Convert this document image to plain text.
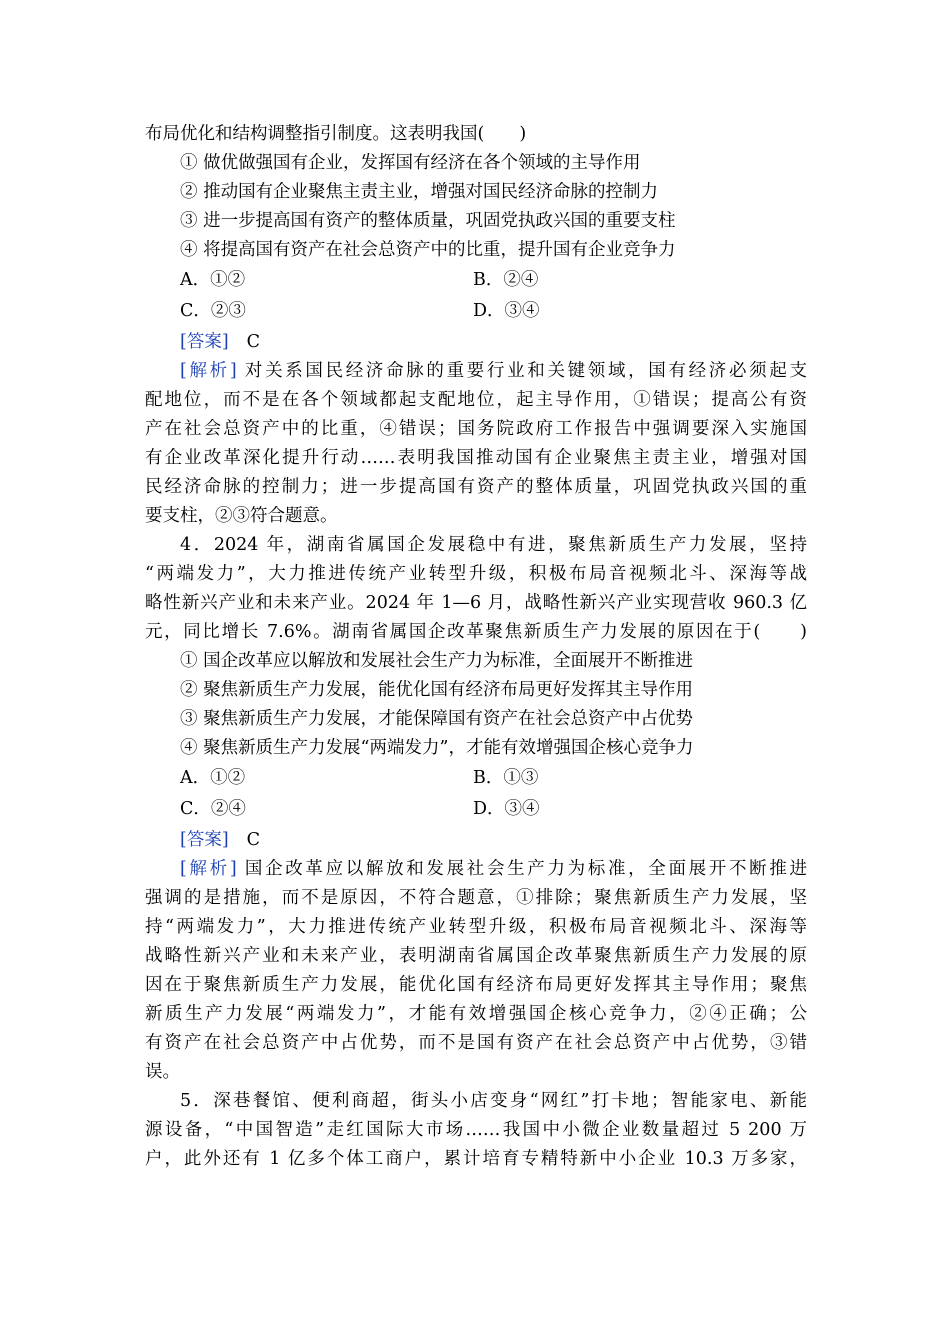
布局优化和结构调整指引制度。这表明我国(　　)
① 做优做强国有企业，发挥国有经济在各个领域的主导作用
② 推动国有企业聚焦主责主业，增强对国民经济命脉的控制力
③ 进一步提高国有资产的整体质量，巩固党执政兴国的重要支柱
④ 将提高国有资产在社会总资产中的比重，提升国有企业竞争力
A．①②	B．②④
C．②③	D．③④
[答案] C
[解析] 对关系国民经济命脉的重要行业和关键领域，国有经济必须起支
配地位，而不是在各个领域都起支配地位，起主导作用，①错误；提高公有资
产在社会总资产中的比重，④错误；国务院政府工作报告中强调要深入实施国
有企业改革深化提升行动……表明我国推动国有企业聚焦主责主业，增强对国
民经济命脉的控制力；进一步提高国有资产的整体质量，巩固党执政兴国的重
要支柱，②③符合题意。
4．2024 年，湖南省属国企发展稳中有进，聚焦新质生产力发展，坚持
“两端发力”，大力推进传统产业转型升级，积极布局音视频北斗、深海等战
略性新兴产业和未来产业。2024 年 1—6 月，战略性新兴产业实现营收 960.3 亿
元，同比增长 7.6%。湖南省属国企改革聚焦新质生产力发展的原因在于(　　)
① 国企改革应以解放和发展社会生产力为标准，全面展开不断推进
② 聚焦新质生产力发展，能优化国有经济布局更好发挥其主导作用
③ 聚焦新质生产力发展，才能保障国有资产在社会总资产中占优势
④ 聚焦新质生产力发展“两端发力”，才能有效增强国企核心竞争力
A．①②	B．①③
C．②④	D．③④
[答案] C
[解析] 国企改革应以解放和发展社会生产力为标准，全面展开不断推进
强调的是措施，而不是原因，不符合题意，①排除；聚焦新质生产力发展，坚
持“两端发力”，大力推进传统产业转型升级，积极布局音视频北斗、深海等
战略性新兴产业和未来产业，表明湖南省属国企改革聚焦新质生产力发展的原
因在于聚焦新质生产力发展，能优化国有经济布局更好发挥其主导作用；聚焦
新质生产力发展“两端发力”，才能有效增强国企核心竞争力，②④正确；公
有资产在社会总资产中占优势，而不是国有资产在社会总资产中占优势，③错
误。
5．深巷餐馆、便利商超，街头小店变身“网红”打卡地；智能家电、新能
源设备，“中国智造”走红国际大市场……我国中小微企业数量超过 5 200 万
户，此外还有 1 亿多个体工商户，累计培育专精特新中小企业 10.3 万多家，
